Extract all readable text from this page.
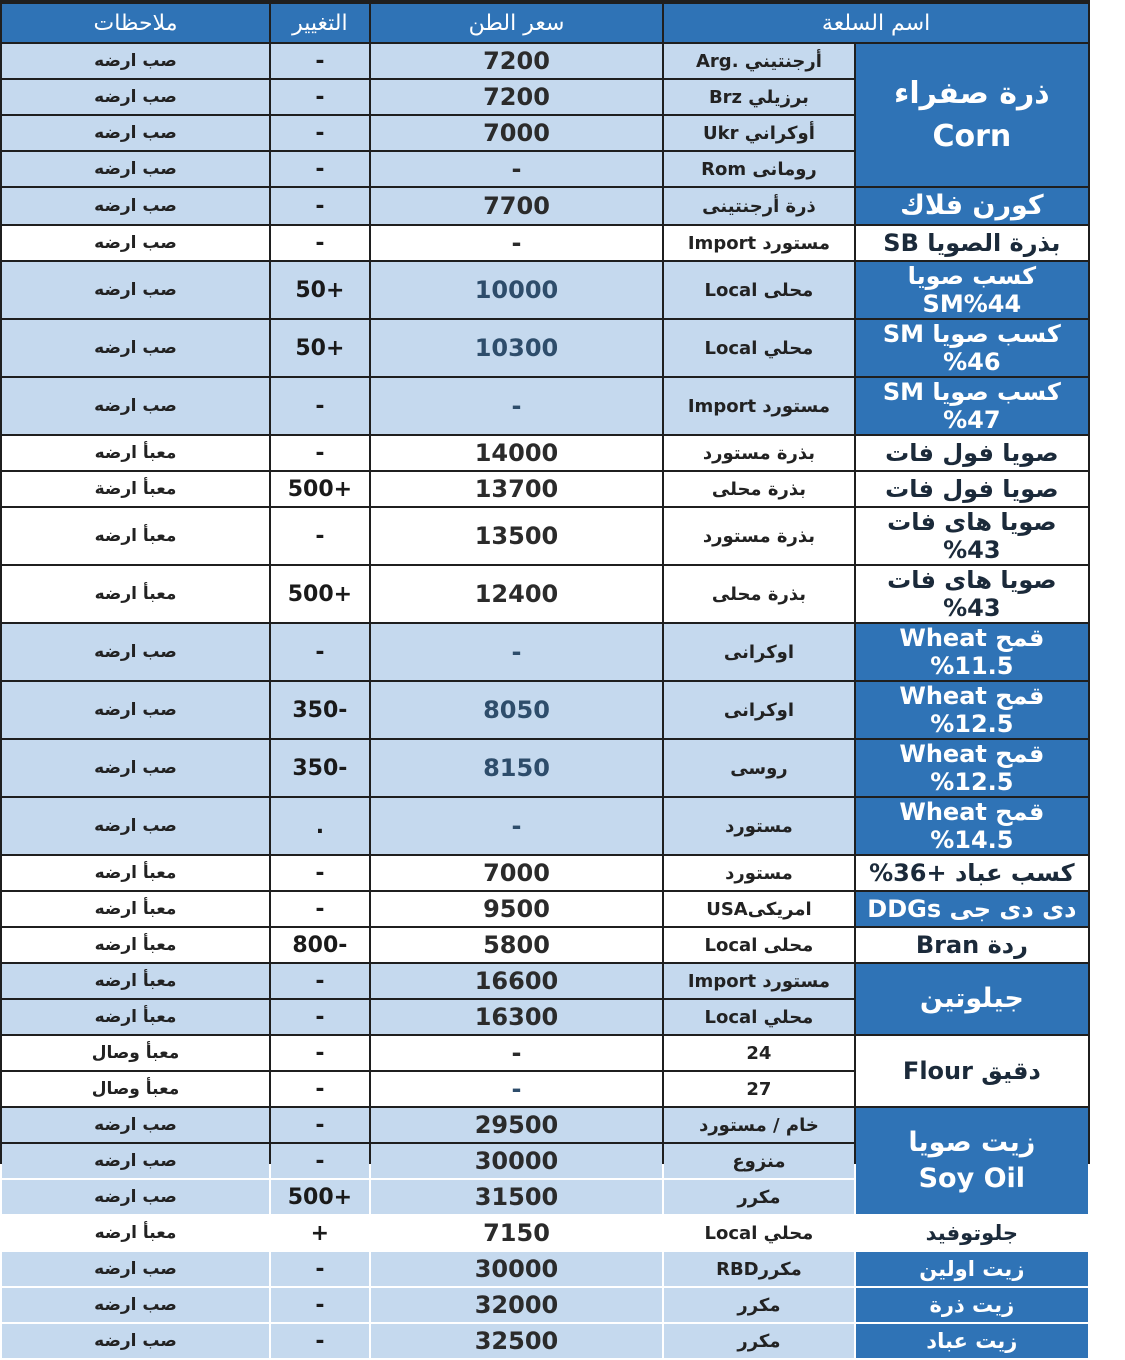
اسم السلعة		سعر الطن	التغيير	ملاحظات
ذرة صفراء
Corn	أرجنتيني .Arg	7200	-	صب ارضه
	برزيلي Brz	7200	-	صب ارضه
	أوكراني Ukr	7000	-	صب ارضه
	رومانى Rom	-	-	صب ارضه
كورن فلاك	ذرة أرجنتينى	7700	-	صب ارضه
بذرة الصويا SB	مستورد Import	-	-	صب ارضه
كسب صويا SM%44	محلى Local	10000	+50	صب ارضه
كسب صويا SM %46	محلي Local	10300	+50	صب ارضه
كسب صويا SM %47	مستورد Import	-	-	صب ارضه
صويا فول فات	بذرة مستورد	14000	-	معبأ ارضه
صويا فول فات	بذرة محلى	13700	+500	معبأ ارضة
صويا هاى فات 43%	بذرة مستورد	13500	-	معبأ ارضه
صويا هاى فات 43%	بذرة محلى	12400	+500	معبأ ارضه
قمح Wheat %11.5	اوكرانى	-	-	صب ارضه
قمح Wheat %12.5	اوكرانى	8050	-350	صب ارضه
قمح Wheat %12.5	روسى	8150	-350	صب ارضه
قمح Wheat %14.5	مستورد	-	.	صب ارضه
كسب عباد +36%	مستورد	7000	-	معبأ ارضه
دى دى جى DDGs	امريكىUSA	9500	-	معبأ ارضه
ردة Bran	محلى Local	5800	-800	معبأ ارضه
جيلوتين	مستورد Import	16600	-	معبأ ارضه
	محلي Local	16300	-	معبأ ارضه
دقيق Flour	24	-	-	معبأ وصال
	27	-	-	معبأ وصال
زيت صويا
Soy Oil	خام / مستورد	29500	-	صب ارضه
	منزوع	30000	-	صب ارضه
	مكرر	31500	+500	صب ارضه
جلوتوفيد	محلي Local	7150	+	معبأ ارضه
زيت اولين	مكررRBD	30000	-	صب ارضه
زيت ذرة	مكرر	32000	-	صب ارضه
زيت عباد	مكرر	32500	-	صب ارضه
